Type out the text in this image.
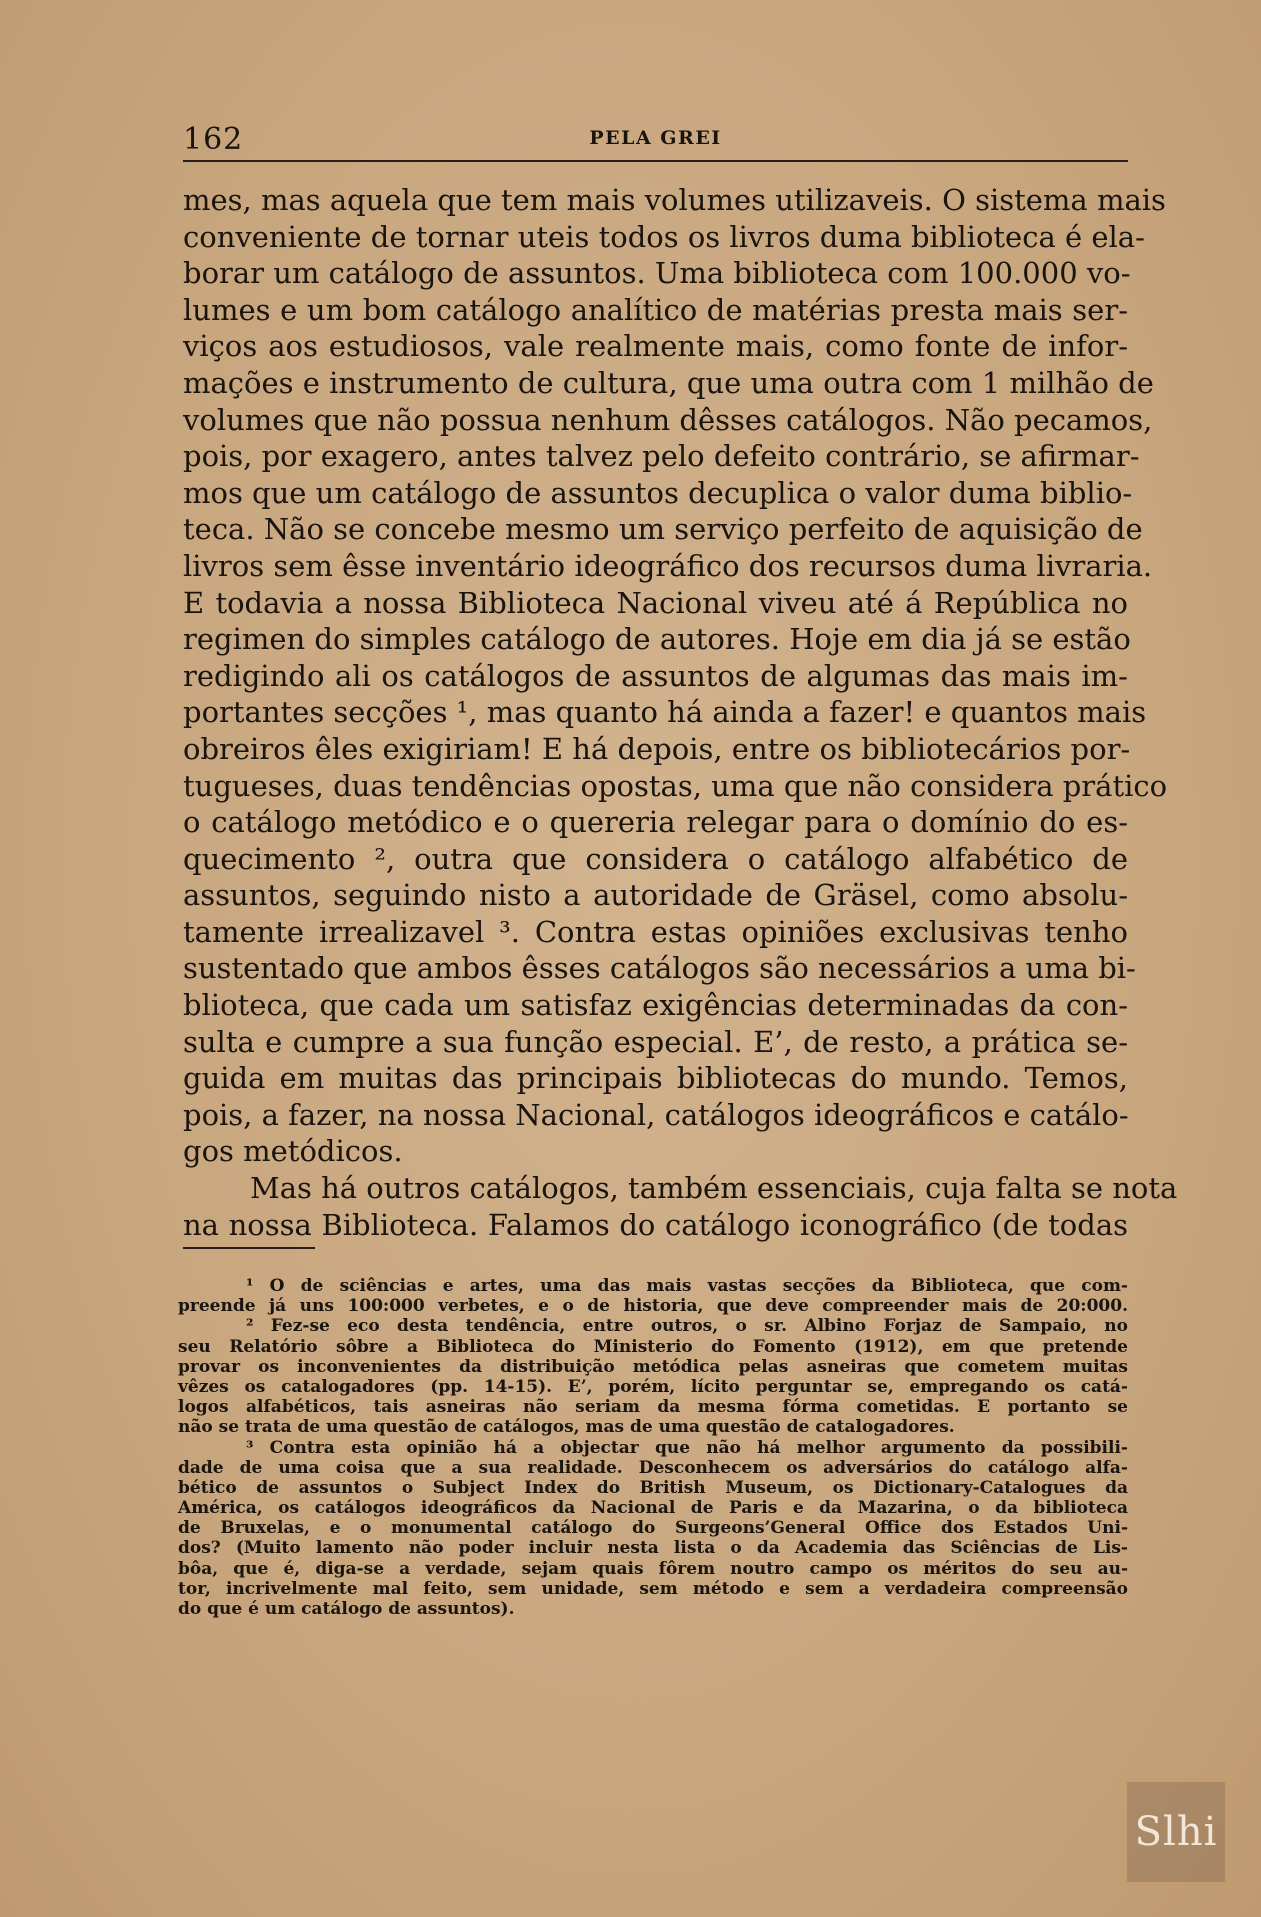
162	PELA GREI
mes, mas aquela que tem mais volumes utilizaveis. O sistema mais
conveniente de tornar uteis todos os livros duma biblioteca é ela-
borar um catálogo de assuntos. Uma biblioteca com 100.000 vo-
lumes e um bom catálogo analítico de matérias presta mais ser-
viços aos estudiosos, vale realmente mais, como fonte de infor-
mações e instrumento de cultura, que uma outra com 1 milhão de
volumes que não possua nenhum dêsses catálogos. Não pecamos,
pois, por exagero, antes talvez pelo defeito contrário, se afirmar-
mos que um catálogo de assuntos decuplica o valor duma biblio-
teca. Não se concebe mesmo um serviço perfeito de aquisição de
livros sem êsse inventário ideográfico dos recursos duma livraria.
E todavia a nossa Biblioteca Nacional viveu até á República no
regimen do simples catálogo de autores. Hoje em dia já se estão
redigindo ali os catálogos de assuntos de algumas das mais im-
portantes secções ¹, mas quanto há ainda a fazer! e quantos mais
obreiros êles exigiriam! E há depois, entre os bibliotecários por-
tugueses, duas tendências opostas, uma que não considera prático
o catálogo metódico e o quereria relegar para o domínio do es-
quecimento ², outra que considera o catálogo alfabético de
assuntos, seguindo nisto a autoridade de Gräsel, como absolu-
tamente irrealizavel ³. Contra estas opiniões exclusivas tenho
sustentado que ambos êsses catálogos são necessários a uma bi-
blioteca, que cada um satisfaz exigências determinadas da con-
sulta e cumpre a sua função especial. E’, de resto, a prática se-
guida em muitas das principais bibliotecas do mundo. Temos,
pois, a fazer, na nossa Nacional, catálogos ideográficos e catálo-
gos metódicos.
Mas há outros catálogos, também essenciais, cuja falta se nota
na nossa Biblioteca. Falamos do catálogo iconográfico (de todas
¹ O de sciências e artes, uma das mais vastas secções da Biblioteca, que com-
preende já uns 100:000 verbetes, e o de historia, que deve compreender mais de 20:000.
² Fez-se eco desta tendência, entre outros, o sr. Albino Forjaz de Sampaio, no
seu Relatório sôbre a Biblioteca do Ministerio do Fomento (1912), em que pretende
provar os inconvenientes da distribuição metódica pelas asneiras que cometem muitas
vêzes os catalogadores (pp. 14-15). E’, porém, lícito perguntar se, empregando os catá-
logos alfabéticos, tais asneiras não seriam da mesma fórma cometidas. E portanto se
não se trata de uma questão de catálogos, mas de uma questão de catalogadores.
³ Contra esta opinião há a objectar que não há melhor argumento da possibili-
dade de uma coisa que a sua realidade. Desconhecem os adversários do catálogo alfa-
bético de assuntos o Subject Index do British Museum, os Dictionary-Catalogues da
América, os catálogos ideográficos da Nacional de Paris e da Mazarina, o da biblioteca
de Bruxelas, e o monumental catálogo do Surgeons’General Office dos Estados Uni-
dos? (Muito lamento não poder incluir nesta lista o da Academia das Sciências de Lis-
bôa, que é, diga-se a verdade, sejam quais fôrem noutro campo os méritos do seu au-
tor, incrivelmente mal feito, sem unidade, sem método e sem a verdadeira compreensão
do que é um catálogo de assuntos).
Slhi
